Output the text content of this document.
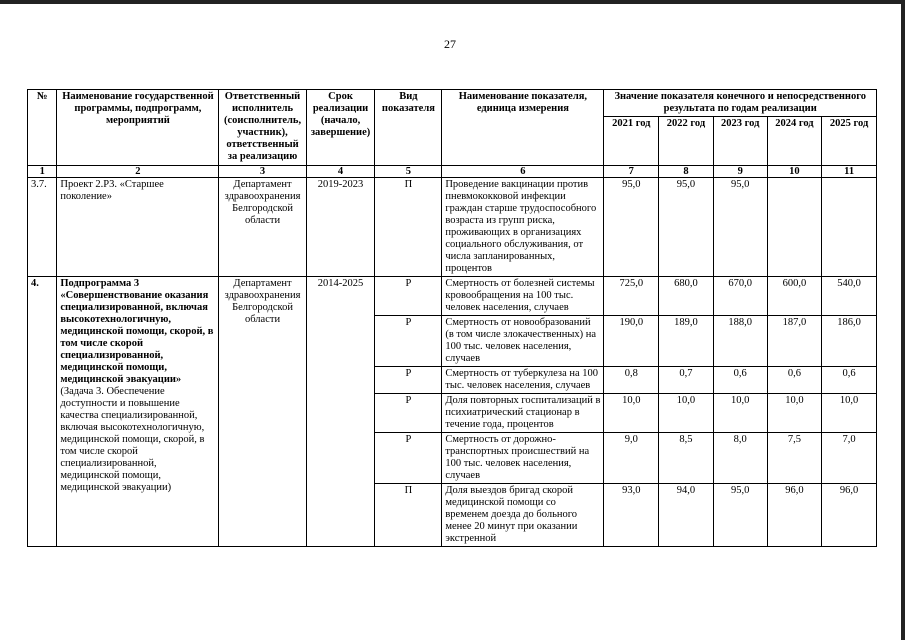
27
№	Наименование государственной программы, подпрограмм, мероприятий	Ответственный исполнитель (соисполнитель, участник), ответственный за реализацию	Срок реализации (начало, завершение)	Вид показателя	Наименование показателя, единица измерения	Значение показателя конечного и непосредственного результата по годам реализации				
						2021 год	2022 год	2023 год	2024 год	2025 год
1	2	3	4	5	6	7	8	9	10	11
3.7.	Проект 2.Р3. «Старшее поколение»	Департамент здравоохранения Белгородской области	2019-2023	П	Проведение вакцинации против пневмококковой инфекции граждан старше трудоспособного возраста из групп риска, проживающих в организациях социального обслуживания, от числа запланированных, процентов	95,0	95,0	95,0		
4.	Подпрограмма 3 «Совершенствование оказания специализированной, включая высокотехнологичную, медицинской помощи, скорой, в том числе скорой специализированной, медицинской помощи, медицинской эвакуации»
(Задача 3. Обеспечение доступности и повышение качества специализированной, включая высокотехнологичную, медицинской помощи, скорой, в том числе скорой специализированной, медицинской помощи, медицинской эвакуации)	Департамент здравоохранения Белгородской области	2014-2025	Р	Смертность от болезней системы кровообращения на 100 тыс. человек населения, случаев	725,0	680,0	670,0	600,0	540,0
				Р	Смертность от новообразований (в том числе злокачественных) на 100 тыс. человек населения, случаев	190,0	189,0	188,0	187,0	186,0
				Р	Смертность от туберкулеза на 100 тыс. человек населения, случаев	0,8	0,7	0,6	0,6	0,6
				Р	Доля повторных госпитализаций в психиатрический стационар в течение года, процентов	10,0	10,0	10,0	10,0	10,0
				Р	Смертность от дорожно-транспортных происшествий на 100 тыс. человек населения, случаев	9,0	8,5	8,0	7,5	7,0
				П	Доля выездов бригад скорой медицинской помощи со временем доезда до больного менее 20 минут при оказании экстренной	93,0	94,0	95,0	96,0	96,0
